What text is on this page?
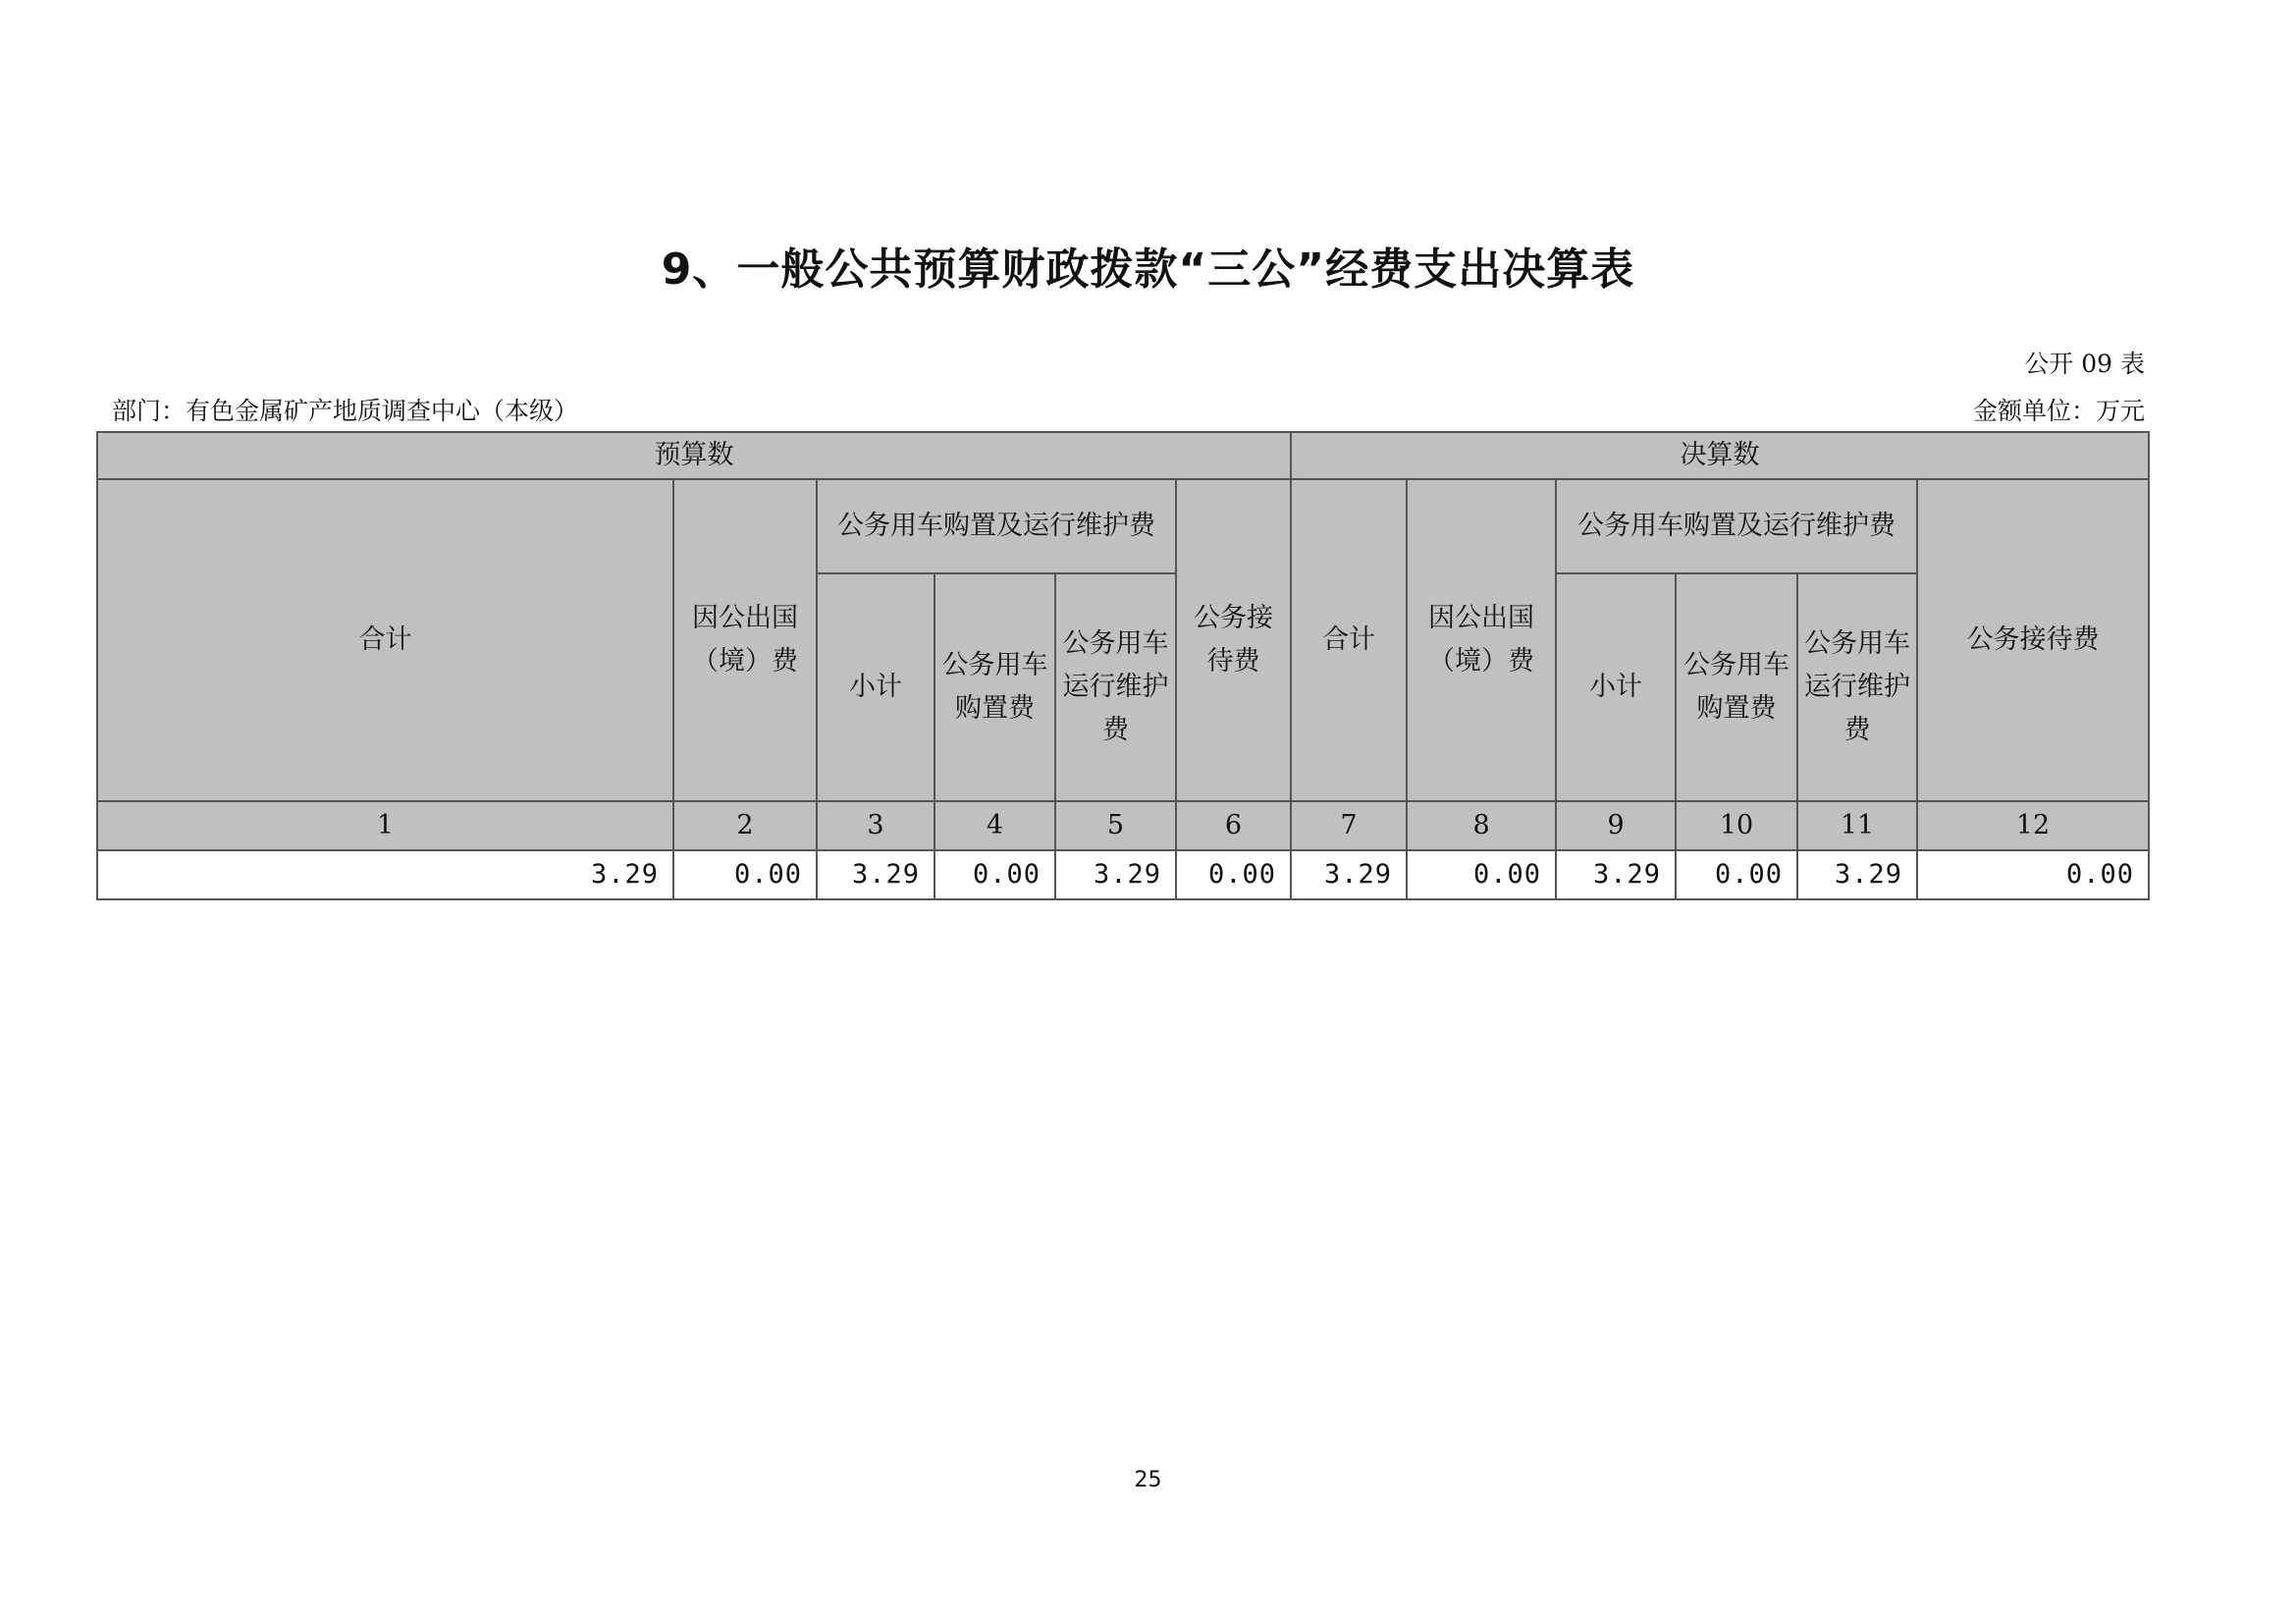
9、一般公共预算财政拨款“三公”经费支出决算表
公开 09 表
部门：有色金属矿产地质调查中心（本级）	金额单位：万元
预算数						决算数					
合计	因公出国（境）费	公务用车购置及运行维护费			公务接待费	合计	因公出国（境）费	公务用车购置及运行维护费			公务接待费
		小计	公务用车购置费	公务用车运行维护费				小计	公务用车购置费	公务用车运行维护费	
1	2	3	4	5	6	7	8	9	10	11	12
3.29	0.00	3.29	0.00	3.29	0.00	3.29	0.00	3.29	0.00	3.29	0.00
25
